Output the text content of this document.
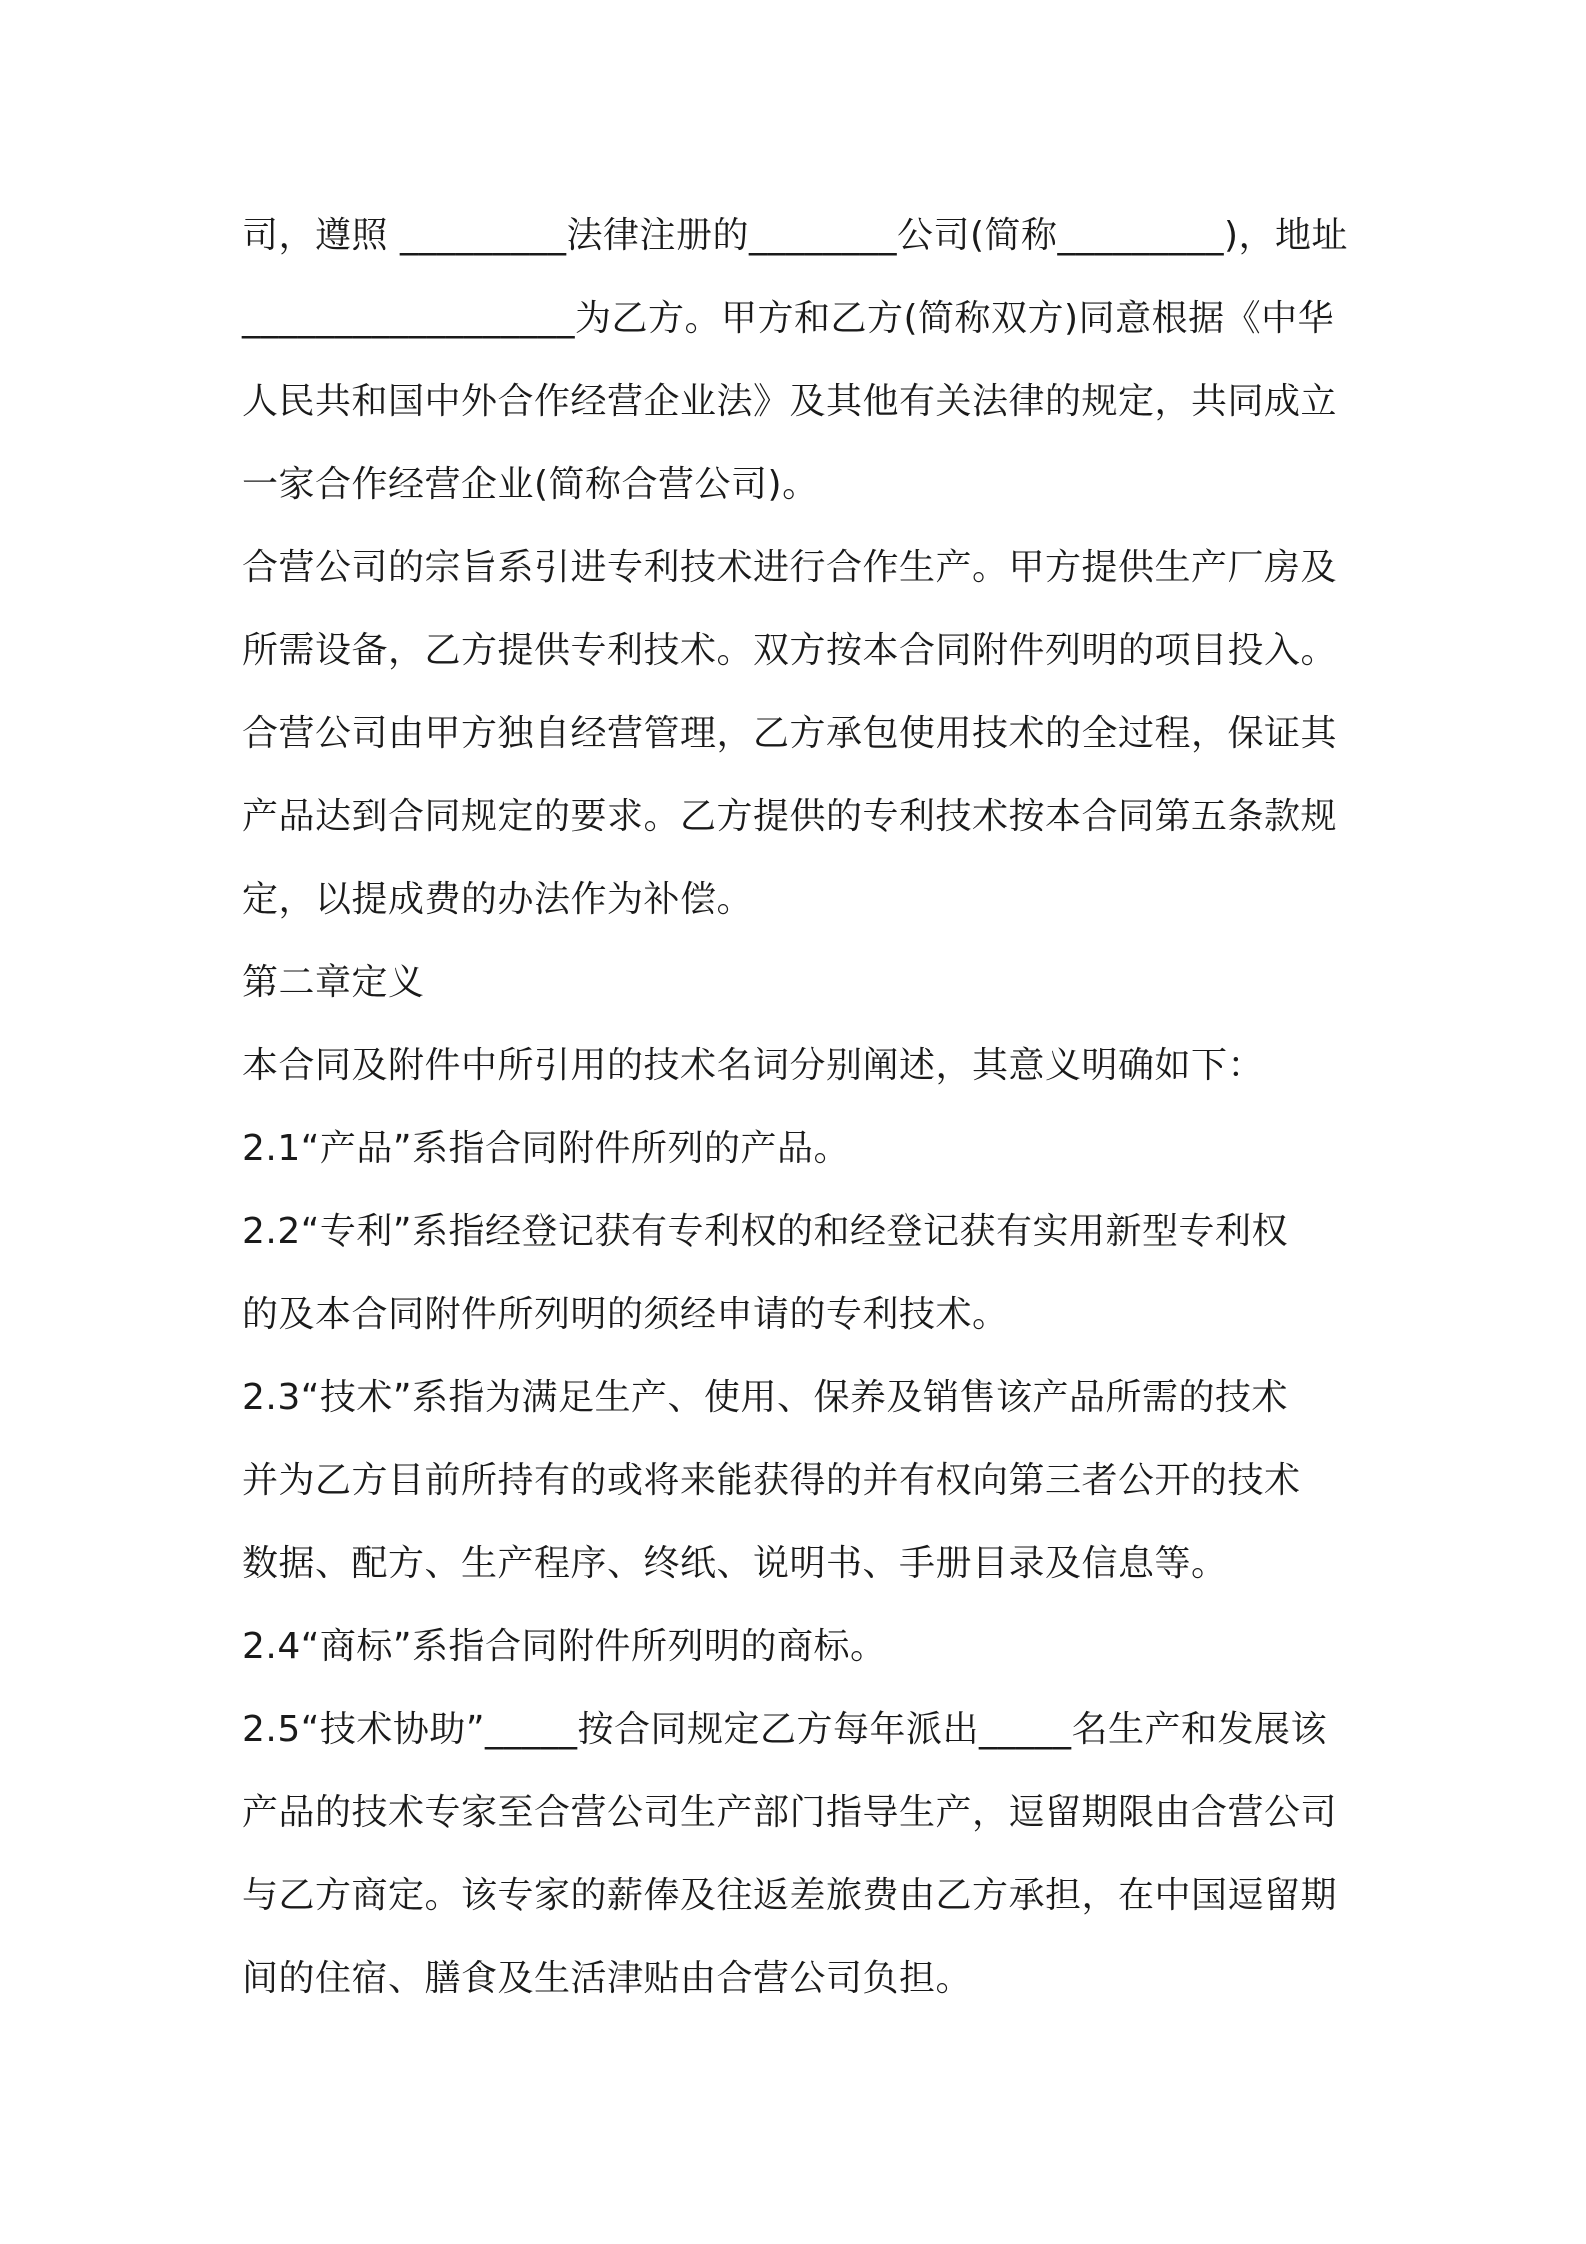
司，遵照 _________法律注册的________公司(简称_________)，地址

__________________为乙方。甲方和乙方(简称双方)同意根据《中华

人民共和国中外合作经营企业法》及其他有关法律的规定，共同成立

一家合作经营企业(简称合营公司)。

合营公司的宗旨系引进专利技术进行合作生产。甲方提供生产厂房及

所需设备，乙方提供专利技术。双方按本合同附件列明的项目投入。

合营公司由甲方独自经营管理，乙方承包使用技术的全过程，保证其

产品达到合同规定的要求。乙方提供的专利技术按本合同第五条款规

定，以提成费的办法作为补偿。

第二章定义

本合同及附件中所引用的技术名词分别阐述，其意义明确如下：

2.1“产品”系指合同附件所列的产品。

2.2“专利”系指经登记获有专利权的和经登记获有实用新型专利权

的及本合同附件所列明的须经申请的专利技术。

2.3“技术”系指为满足生产、使用、保养及销售该产品所需的技术

并为乙方目前所持有的或将来能获得的并有权向第三者公开的技术

数据、配方、生产程序、终纸、说明书、手册目录及信息等。

2.4“商标”系指合同附件所列明的商标。

2.5“技术协助”_____按合同规定乙方每年派出_____名生产和发展该

产品的技术专家至合营公司生产部门指导生产，逗留期限由合营公司

与乙方商定。该专家的薪俸及往返差旅费由乙方承担，在中国逗留期

间的住宿、膳食及生活津贴由合营公司负担。
